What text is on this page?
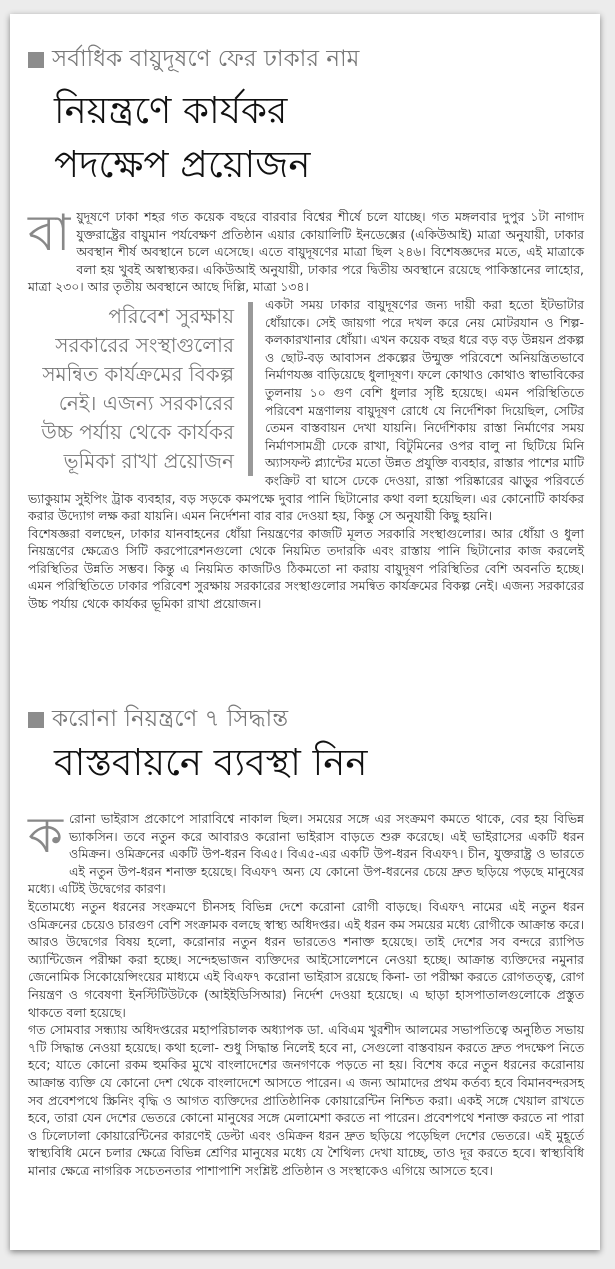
সর্বাধিক বায়ুদূষণে ফের ঢাকার নাম
নিয়ন্ত্রণে কার্যকর
পদক্ষেপ প্রয়োজন

বায়ুদূষণে ঢাকা শহর গত কয়েক বছরে বারবার বিশ্বের শীর্ষে চলে যাচ্ছে। গত মঙ্গলবার দুপুর ১টা নাগাদ যুক্তরাষ্ট্রের বায়ুমান পর্যবেক্ষণ প্রতিষ্ঠান এয়ার কোয়ালিটি ইনডেক্সের (একিউআই) মাত্রা অনুযায়ী, ঢাকার অবস্থান শীর্ষ অবস্থানে চলে এসেছে। এতে বায়ুদূষণের মাত্রা ছিল ২৪৬। বিশেষজ্ঞদের মতে, এই মাত্রাকে বলা হয় খুবই অস্বাস্থ্যকর। একিউআই অনুযায়ী, ঢাকার পরে দ্বিতীয় অবস্থানে রয়েছে পাকিস্তানের লাহোর, মাত্রা ২৩০। আর তৃতীয় অবস্থানে আছে দিল্লি, মাত্রা ১৩৪।

পরিবেশ সুরক্ষায় সরকারের সংস্থাগুলোর সমন্বিত কার্যক্রমের বিকল্প নেই। এজন্য সরকারের উচ্চ পর্যায় থেকে কার্যকর ভূমিকা রাখা প্রয়োজন
একটা সময় ঢাকার বায়ুদূষণের জন্য দায়ী করা হতো ইটভাটার ধোঁয়াকে। সেই জায়গা পরে দখল করে নেয় মোটরযান ও শিল্প-কলকারখানার ধোঁয়া। এখন কয়েক বছর ধরে বড় বড় উন্নয়ন প্রকল্প ও ছোট-বড় আবাসন প্রকল্পের উন্মুক্ত পরিবেশে অনিয়ন্ত্রিতভাবে নির্মাণযজ্ঞ বাড়িয়েছে ধুলাদূষণ। ফলে কোথাও কোথাও স্বাভাবিকের তুলনায় ১০ গুণ বেশি ধুলার সৃষ্টি হয়েছে। এমন পরিস্থিতিতে পরিবেশ মন্ত্রণালয় বায়ুদূষণ রোধে যে নির্দেশিকা দিয়েছিল, সেটির তেমন বাস্তবায়ন দেখা যায়নি। নির্দেশিকায় রাস্তা নির্মাণের সময় নির্মাণসামগ্রী ঢেকে রাখা, বিটুমিনের ওপর বালু না ছিটিয়ে মিনি অ্যাসফল্ট প্ল্যান্টের মতো উন্নত প্রযুক্তি ব্যবহার, রাস্তার পাশের মাটি কংক্রিট বা ঘাসে ঢেকে দেওয়া, রাস্তা পরিষ্কারের ঝাড়ুর পরিবর্তে ভ্যাকুয়াম সুইপিং ট্রাক ব্যবহার, বড় সড়কে কমপক্ষে দুবার পানি ছিটানোর কথা বলা হয়েছিল। এর কোনোটি কার্যকর করার উদ্যোগ লক্ষ করা যায়নি। এমন নির্দেশনা বার বার দেওয়া হয়, কিন্তু সে অনুযায়ী কিছু হয়নি।

বিশেষজ্ঞরা বলছেন, ঢাকার যানবাহনের ধোঁয়া নিয়ন্ত্রণের কাজটি মূলত সরকারি সংস্থাগুলোর। আর ধোঁয়া ও ধুলা নিয়ন্ত্রণের ক্ষেত্রেও সিটি করপোরেশনগুলো থেকে নিয়মিত তদারকি এবং রাস্তায় পানি ছিটানোর কাজ করলেই পরিস্থিতির উন্নতি সম্ভব। কিন্তু এ নিয়মিত কাজটিও ঠিকমতো না করায় বায়ুদূষণ পরিস্থিতির বেশি অবনতি হচ্ছে। এমন পরিস্থিতিতে ঢাকার পরিবেশ সুরক্ষায় সরকারের সংস্থাগুলোর সমন্বিত কার্যক্রমের বিকল্প নেই। এজন্য সরকারের উচ্চ পর্যায় থেকে কার্যকর ভূমিকা রাখা প্রয়োজন।

করোনা নিয়ন্ত্রণে ৭ সিদ্ধান্ত
বাস্তবায়নে ব্যবস্থা নিন

করোনা ভাইরাস প্রকোপে সারাবিশ্বে নাকাল ছিল। সময়ের সঙ্গে এর সংক্রমণ কমতে থাকে, বের হয় বিভিন্ন ভ্যাকসিন। তবে নতুন করে আবারও করোনা ভাইরাস বাড়তে শুরু করেছে। এই ভাইরাসের একটি ধরন ওমিক্রন। ওমিক্রনের একটি উপ-ধরন বিএ৫। বিএ৫-এর একটি উপ-ধরন বিএফ৭। চীন, যুক্তরাষ্ট্র ও ভারতে এই নতুন উপ-ধরন শনাক্ত হয়েছে। বিএফ৭ অন্য যে কোনো উপ-ধরনের চেয়ে দ্রুত ছড়িয়ে পড়ছে মানুষের মধ্যে। এটিই উদ্বেগের কারণ।

ইতোমধ্যে নতুন ধরনের সংক্রমণে চীনসহ বিভিন্ন দেশে করোনা রোগী বাড়ছে। বিএফ৭ নামের এই নতুন ধরন ওমিক্রনের চেয়েও চারগুণ বেশি সংক্রামক বলছে স্বাস্থ্য অধিদপ্তর। এই ধরন কম সময়ের মধ্যে রোগীকে আক্রান্ত করে। আরও উদ্বেগের বিষয় হলো, করোনার নতুন ধরন ভারতেও শনাক্ত হয়েছে। তাই দেশের সব বন্দরে র‌্যাপিড অ্যান্টিজেন পরীক্ষা করা হচ্ছে। সন্দেহভাজন ব্যক্তিদের আইসোলেশনে নেওয়া হচ্ছে। আক্রান্ত ব্যক্তিদের নমুনার জেনোমিক সিকোয়েন্সিংয়ের মাধ্যমে এই বিএফ৭ করোনা ভাইরাস রয়েছে কিনা- তা পরীক্ষা করতে রোগতত্ত্ব, রোগ নিয়ন্ত্রণ ও গবেষণা ইনস্টিটিউটকে (আইইডিসিআর) নির্দেশ দেওয়া হয়েছে। এ ছাড়া হাসপাতালগুলোকে প্রস্তুত থাকতে বলা হয়েছে।

গত সোমবার সন্ধ্যায় অধিদপ্তরের মহাপরিচালক অধ্যাপক ডা. এবিএম খুরশীদ আলমের সভাপতিত্বে অনুষ্ঠিত সভায় ৭টি সিদ্ধান্ত নেওয়া হয়েছে। কথা হলো- শুধু সিদ্ধান্ত নিলেই হবে না, সেগুলো বাস্তবায়ন করতে দ্রুত পদক্ষেপ নিতে হবে; যাতে কোনো রকম হুমকির মুখে বাংলাদেশের জনগণকে পড়তে না হয়। বিশেষ করে নতুন ধরনের করোনায় আক্রান্ত ব্যক্তি যে কোনো দেশ থেকে বাংলাদেশে আসতে পারেন। এ জন্য আমাদের প্রথম কর্তব্য হবে বিমানবন্দরসহ সব প্রবেশপথে স্ক্রিনিং বৃদ্ধি ও আগত ব্যক্তিদের প্রাতিষ্ঠানিক কোয়ারেন্টিন নিশ্চিত করা। একই সঙ্গে খেয়াল রাখতে হবে, তারা যেন দেশের ভেতরে কোনো মানুষের সঙ্গে মেলামেশা করতে না পারেন। প্রবেশপথে শনাক্ত করতে না পারা ও ঢিলেঢালা কোয়ারেন্টিনের কারণেই ডেল্টা এবং ওমিক্রন ধরন দ্রুত ছড়িয়ে পড়েছিল দেশের ভেতরে। এই মুহূর্তে স্বাস্থ্যবিধি মেনে চলার ক্ষেত্রে বিভিন্ন শ্রেণির মানুষের মধ্যে যে শৈথিল্য দেখা যাচ্ছে, তাও দূর করতে হবে। স্বাস্থ্যবিধি মানার ক্ষেত্রে নাগরিক সচেতনতার পাশাপাশি সংশ্লিষ্ট প্রতিষ্ঠান ও সংস্থাকেও এগিয়ে আসতে হবে।
